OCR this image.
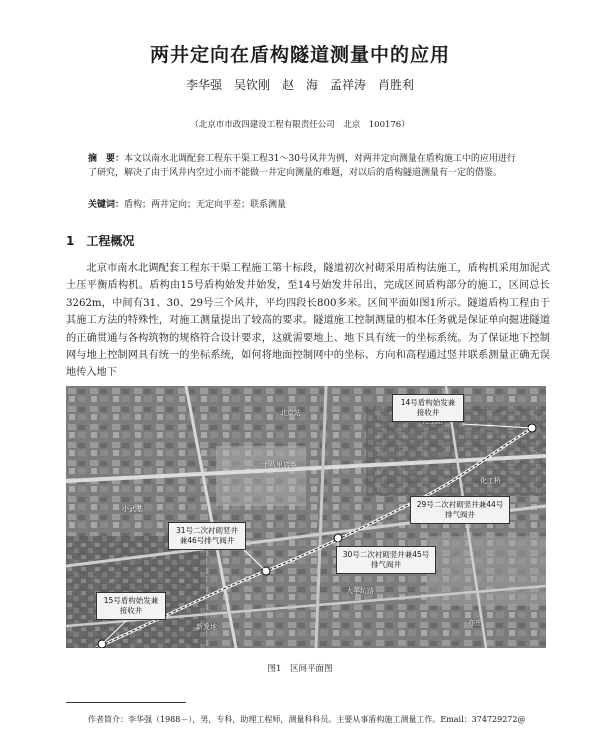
两井定向在盾构隧道测量中的应用
李华强　吴钦刚　赵　海　孟祥涛　肖胜利
（北京市市政四建设工程有限责任公司　北京　100176）
摘　要：本文以南水北调配套工程东干渠工程31～30号风井为例，对两井定向测量在盾构施工中的应用进行了研究，解决了由于风井内空过小而不能做一井定向测量的难题，对以后的盾构隧道测量有一定的借鉴。
关键词：盾构；两井定向；无定向平差；联系测量
1 工程概况
北京市南水北调配套工程东干渠工程施工第十标段，隧道初次衬砌采用盾构法施工，盾构机采用加泥式土压平衡盾构机。盾构由15号盾构始发井始发，至14号始发井吊出，完成区间盾构部分的施工，区间总长3262m，中间有31、30、29号三个风井，平均四段长800多米。区间平面如图1所示。隧道盾构工程由于其施工方法的特殊性，对施工测量提出了较高的要求。隧道施工控制测量的根本任务就是保证单向掘进隧道的正确贯通与各构筑物的规格符合设计要求，这就需要地上、地下具有统一的坐标系统。为了保证地下控制网与地上控制网具有统一的坐标系统，如何将地面控制网中的坐标、方向和高程通过竖井联系测量正确无误地传入地下
北京站
十八里店乡
小武基
大羊坊路
亦庄
新发地
化工桥
14号盾构始发兼接收井
29号二次衬砌竖井兼44号排气阀井
31号二次衬砌竖井兼46号排气阀井
30号二次衬砌竖井兼45号排气阀井
15号盾构始发兼接收井
图1　区间平面图
作者简介：李华强（1988－），男，专科，助理工程师，测量科科员。主要从事盾构施工测量工作。Email：374729272@
